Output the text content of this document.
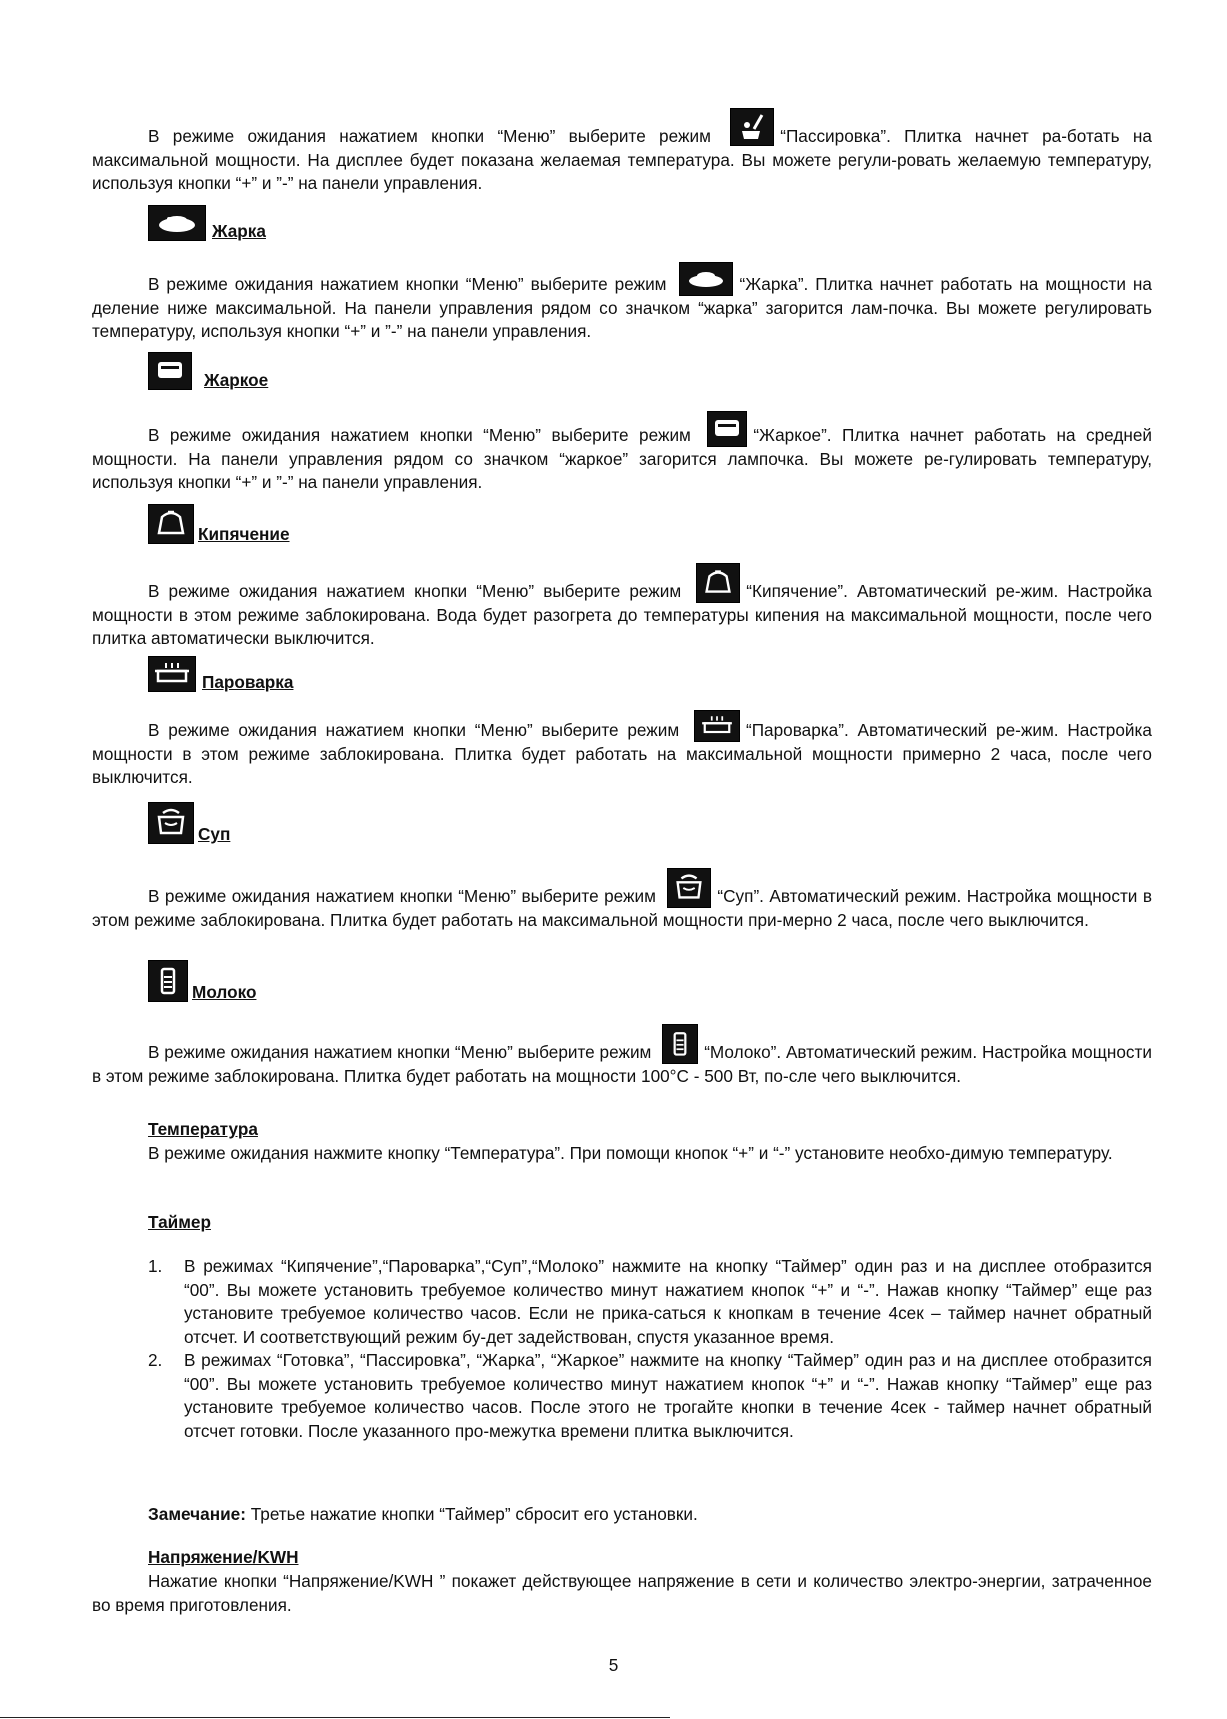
В режиме ожидания нажатием кнопки “Меню” выберите режим	“Пассировка”. Плитка начнет ра-ботать на максимальной мощности. На дисплее будет показана желаемая температура. Вы можете регули-ровать желаемую температуру, используя кнопки “+” и ”-” на панели управления.

Жарка

В режиме ожидания нажатием кнопки “Меню” выберите режим	“Жарка”. Плитка начнет работать на мощности на деление ниже максимальной. На панели управления рядом со значком “жарка” загорится лам-почка. Вы можете регулировать температуру, используя кнопки “+” и ”-” на панели управления.

Жаркое

В режиме ожидания нажатием кнопки “Меню” выберите режим	“Жаркое”. Плитка начнет работать на средней мощности. На панели управления рядом со значком “жаркое” загорится лампочка. Вы можете ре-гулировать температуру, используя кнопки “+” и ”-” на панели управления.

Кипячение

В режиме ожидания нажатием кнопки “Меню” выберите режим	“Кипячение”. Автоматический ре-жим. Настройка мощности в этом режиме заблокирована. Вода будет разогрета до температуры кипения на максимальной мощности, после чего плитка автоматически выключится.

Пароварка

В режиме ожидания нажатием кнопки “Меню” выберите режим	“Пароварка”. Автоматический ре-жим. Настройка мощности в этом режиме заблокирована. Плитка будет работать на максимальной мощности примерно 2 часа, после чего выключится.

Суп

В режиме ожидания нажатием кнопки “Меню” выберите режим	“Суп”. Автоматический режим. Настройка мощности в этом режиме заблокирована. Плитка будет работать на максимальной мощности при-мерно 2 часа, после чего выключится.

Молоко

В режиме ожидания нажатием кнопки “Меню” выберите режим	“Молоко”. Автоматический режим. Настройка мощности в этом режиме заблокирована. Плитка будет работать на мощности 100°С - 500 Вт, по-сле чего выключится.

Температура

В режиме ожидания нажмите кнопку “Температура”. При помощи кнопок “+” и “-” установите необхо-димую температуру.

Таймер
1. В режимах “Кипячение”,“Пароварка”,“Суп”,“Молоко” нажмите на кнопку “Таймер” один раз и на дисплее отобразится “00”. Вы можете установить требуемое количество минут нажатием кнопок “+” и “-”. Нажав кнопку “Таймер” еще раз установите требуемое количество часов. Если не прика-саться к кнопкам в течение 4сек – таймер начнет обратный отсчет. И соответствующий режим бу-дет задействован, спустя указанное время.
2. В режимах “Готовка”, “Пассировка”, “Жарка”, “Жаркое” нажмите на кнопку “Таймер” один раз и на дисплее отобразится “00”. Вы можете установить требуемое количество минут нажатием кнопок “+” и “-”. Нажав кнопку “Таймер” еще раз установите требуемое количество часов. После этого не трогайте кнопки в течение 4сек - таймер начнет обратный отсчет готовки. После указанного про-межутка времени плитка выключится.

Замечание: Третье нажатие кнопки “Таймер” сбросит его установки.

Напряжение/KWH

Нажатие кнопки “Напряжение/KWH ” покажет действующее напряжение в сети и количество электро-энергии, затраченное во время приготовления.

5
